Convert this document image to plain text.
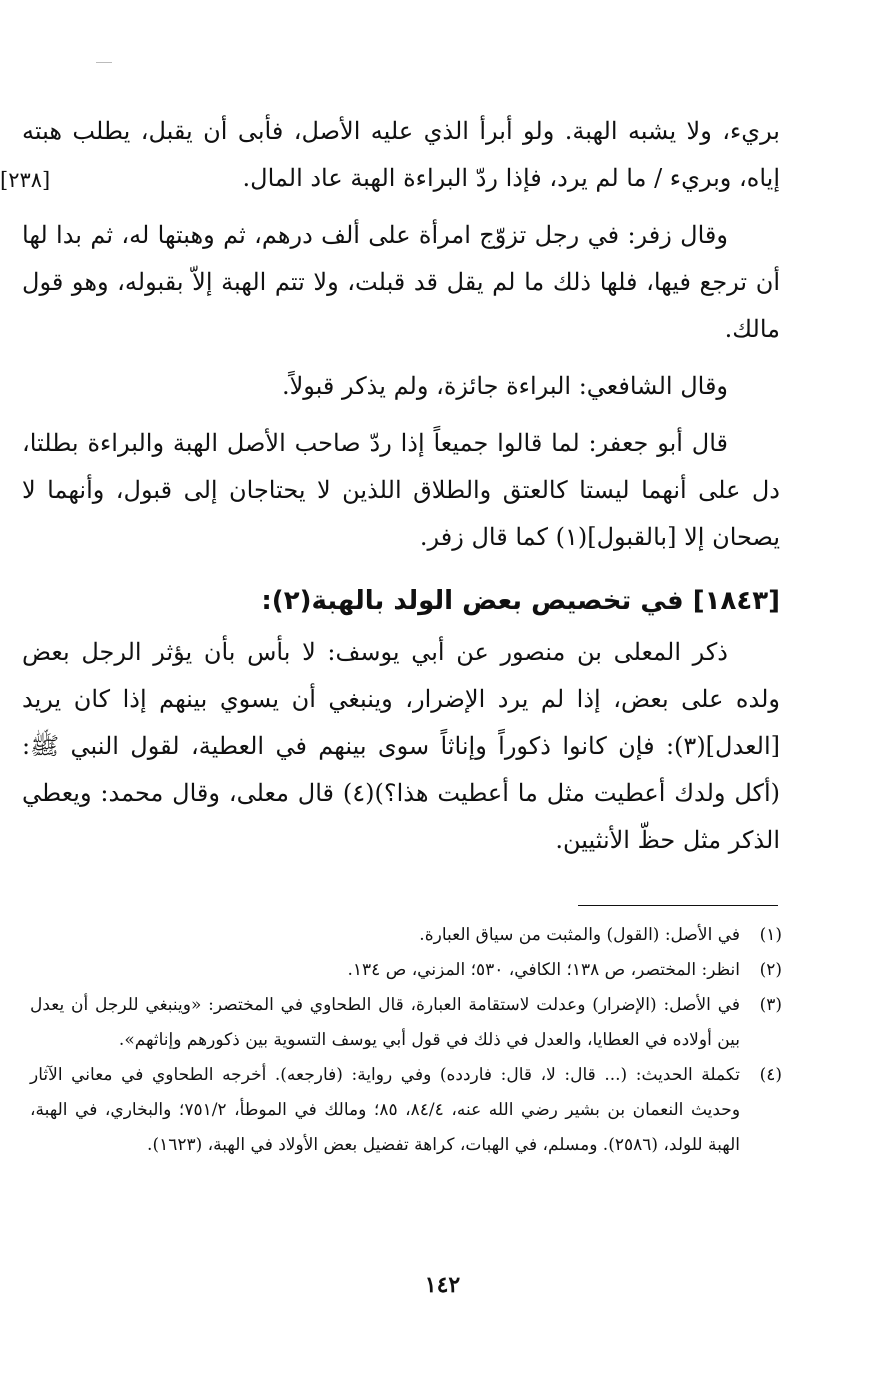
[٢٣٨]

بريء، ولا يشبه الهبة. ولو أبرأ الذي عليه الأصل، فأبى أن يقبل، يطلب هبته إياه، وبريء / ما لم يرد، فإذا ردّ البراءة الهبة عاد المال.

وقال زفر: في رجل تزوّج امرأة على ألف درهم، ثم وهبتها له، ثم بدا لها أن ترجع فيها، فلها ذلك ما لم يقل قد قبلت، ولا تتم الهبة إلاّ بقبوله، وهو قول مالك.

وقال الشافعي: البراءة جائزة، ولم يذكر قبولاً.

قال أبو جعفر: لما قالوا جميعاً إذا ردّ صاحب الأصل الهبة والبراءة بطلتا، دل على أنهما ليستا كالعتق والطلاق اللذين لا يحتاجان إلى قبول، وأنهما لا يصحان إلا [بالقبول](١) كما قال زفر.

[١٨٤٣] في تخصيص بعض الولد بالهبة(٢):

ذكر المعلى بن منصور عن أبي يوسف: لا بأس بأن يؤثر الرجل بعض ولده على بعض، إذا لم يرد الإضرار، وينبغي أن يسوي بينهم إذا كان يريد [العدل](٣): فإن كانوا ذكوراً وإناثاً سوى بينهم في العطية، لقول النبي ﷺ: (أكل ولدك أعطيت مثل ما أعطيت هذا؟)(٤) قال معلى، وقال محمد: ويعطي الذكر مثل حظّ الأنثيين.

(١)
في الأصل: (القول) والمثبت من سياق العبارة.
(٢)
انظر: المختصر، ص ١٣٨؛ الكافي، ٥٣٠؛ المزني، ص ١٣٤.
(٣)
في الأصل: (الإضرار) وعدلت لاستقامة العبارة، قال الطحاوي في المختصر: «وينبغي للرجل أن يعدل بين أولاده في العطايا، والعدل في ذلك في قول أبي يوسف التسوية بين ذكورهم وإناثهم».
(٤)
تكملة الحديث: (... قال: لا، قال: فاردده) وفي رواية: (فارجعه). أخرجه الطحاوي في معاني الآثار وحديث النعمان بن بشير رضي الله عنه، ٨٤/٤، ٨٥؛ ومالك في الموطأ، ٧٥١/٢؛ والبخاري، في الهبة، الهبة للولد، (٢٥٨٦). ومسلم، في الهبات، كراهة تفضيل بعض الأولاد في الهبة، (١٦٢٣).
١٤٢
